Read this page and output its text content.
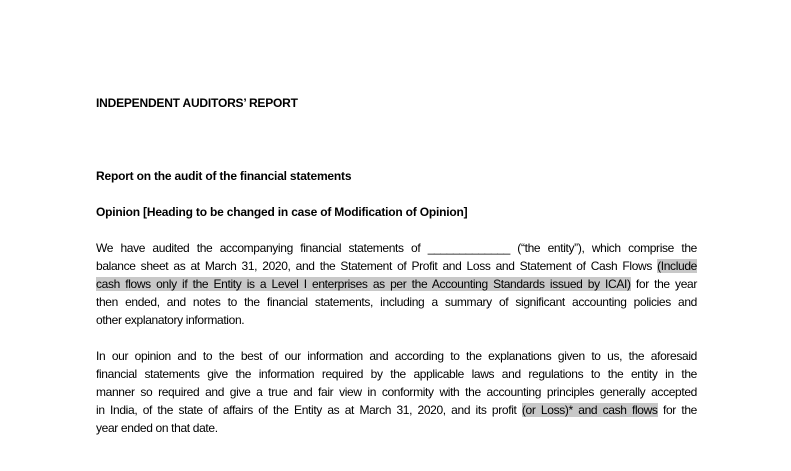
INDEPENDENT AUDITORS’ REPORT
Report on the audit of the financial statements
Opinion [Heading to be changed in case of Modification of Opinion]
We have audited the accompanying financial statements of _____________ (“the entity”), which comprise the
balance sheet as at March 31, 2020, and the Statement of Profit and Loss and Statement of Cash Flows (Include
cash flows only if the Entity is a Level I enterprises as per the Accounting Standards issued by ICAI) for the year
then ended, and notes to the financial statements, including a summary of significant accounting policies and
other explanatory information.
In our opinion and to the best of our information and according to the explanations given to us, the aforesaid
financial statements give the information required by the applicable laws and regulations to the entity in the
manner so required and give a true and fair view in conformity with the accounting principles generally accepted
in India, of the state of affairs of the Entity as at March 31, 2020, and its profit (or Loss)* and cash flows for the
year ended on that date.
